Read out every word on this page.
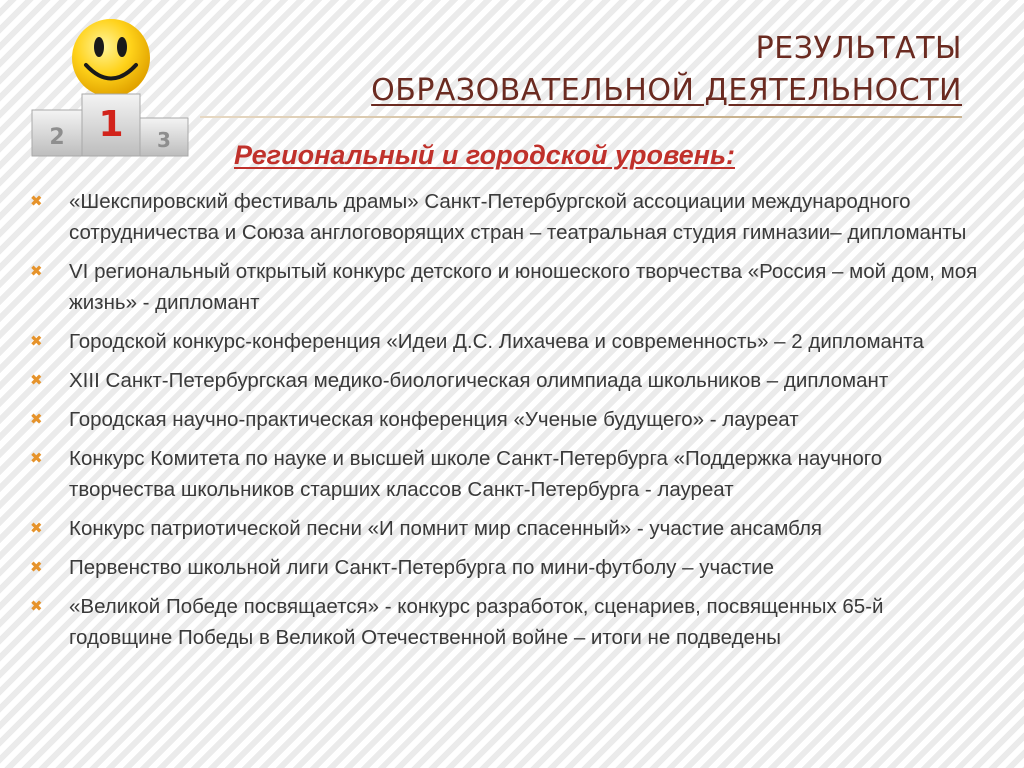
2 1 3
РЕЗУЛЬТАТЫ
ОБРАЗОВАТЕЛЬНОЙ ДЕЯТЕЛЬНОСТИ
Региональный и городской уровень:
✖ «Шекспировский фестиваль драмы» Санкт-Петербургской ассоциации международного сотрудничества и Союза англоговорящих стран – театральная студия гимназии– дипломанты
✖ VI региональный открытый конкурс детского и юношеского творчества «Россия – мой дом, моя жизнь» - дипломант
✖ Городской конкурс-конференция «Идеи Д.С. Лихачева и современность» – 2 дипломанта
✖ XIII Санкт-Петербургская медико-биологическая олимпиада школьников – дипломант
✖ Городская научно-практическая конференция «Ученые будущего» - лауреат
✖ Конкурс Комитета по науке и высшей школе Санкт-Петербурга «Поддержка научного творчества школьников старших классов Санкт-Петербурга - лауреат
✖ Конкурс патриотической песни «И помнит мир спасенный» - участие ансамбля
✖ Первенство школьной лиги Санкт-Петербурга по мини-футболу – участие
✖ «Великой Победе посвящается» - конкурс разработок, сценариев, посвященных 65-й годовщине Победы в Великой Отечественной войне – итоги не подведены
